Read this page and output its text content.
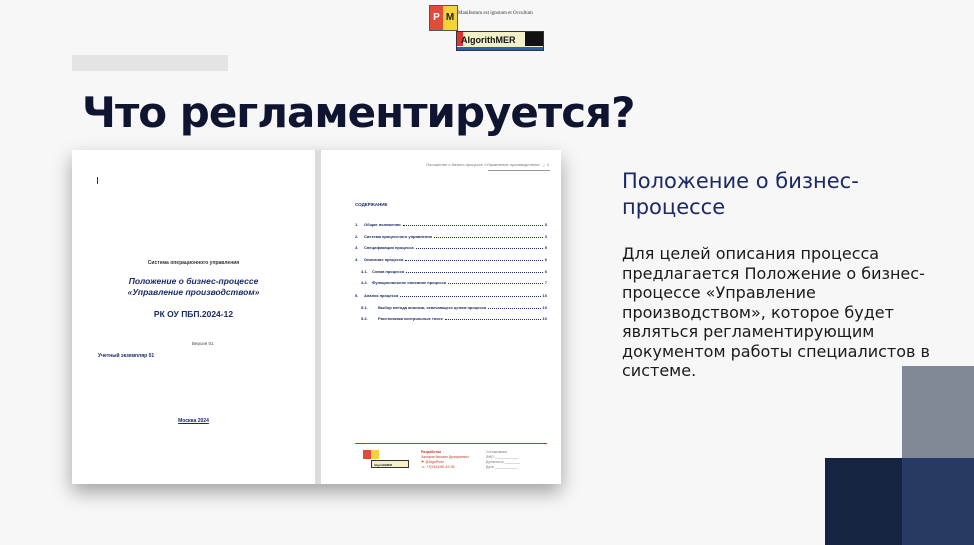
P M Manifestum est ignotum et Occultum
AlgorithMER
Что регламентируется?
Система операционного управления
Положение о бизнес-процессе
«Управление производством»
РК ОУ ПБП.2024-12
Версия 01
Учетный экземпляр 01
Москва 2024
Положение о бизнес-процессе «Управление производством»   |  2
СОДЕРЖАНИЕ
1.	Общие положения	3
2.	Система процессного управления	3
3.	Спецификация процесса	5
4.	Описание процесса	6
4.1.	Схема процесса	6
4.2.	Функциональное описание процесса	7
5.	Анализ процесса	10
5.1.	Выбор метода анализа, отвечающего целям процесса	10
5.2.	Расстановка контрольных точек	10
AlgorithMER
Разработал
Захаров Михаил Дмитриевич
⚑ @AlgoRinfo
☏ +7(916)090-49-96
Согласовано
ФИО ____________
Должность ________
Дата ____________
Положение о бизнес-процессе

Для целей описания процесса предлагается Положение о бизнес-процессе «Управление производством», которое будет являться регламентирующим документом работы специалистов в системе.
